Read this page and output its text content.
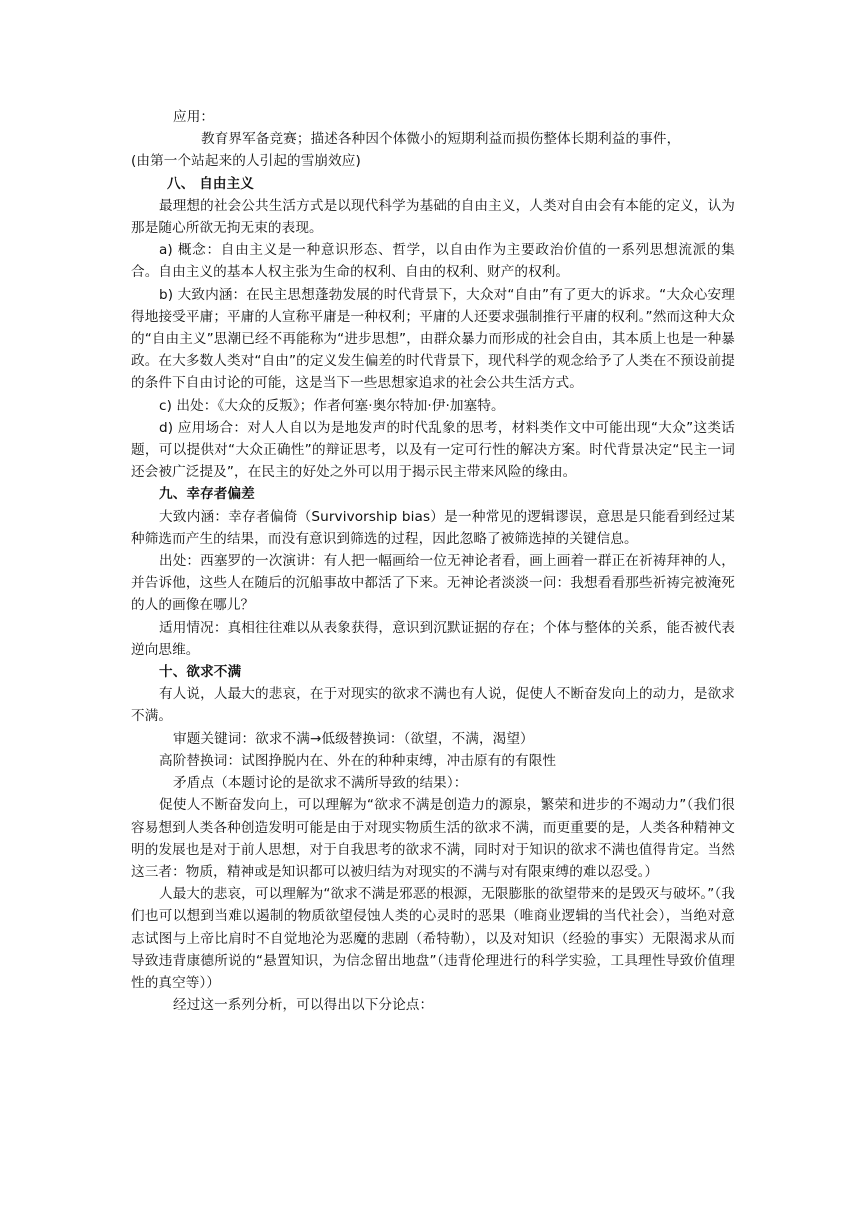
应用：

教育界军备竞赛；描述各种因个体微小的短期利益而损伤整体长期利益的事件，

(由第一个站起来的人引起的雪崩效应)

八、 自由主义

最理想的社会公共生活方式是以现代科学为基础的自由主义，人类对自由会有本能的定义，认为那是随心所欲无拘无束的表现。

a) 概念：自由主义是一种意识形态、哲学，以自由作为主要政治价值的一系列思想流派的集合。自由主义的基本人权主张为生命的权利、自由的权利、财产的权利。

b) 大致内涵：在民主思想蓬勃发展的时代背景下，大众对“自由”有了更大的诉求。“大众心安理得地接受平庸；平庸的人宣称平庸是一种权利；平庸的人还要求强制推行平庸的权利。”然而这种大众的“自由主义”思潮已经不再能称为“进步思想”，由群众暴力而形成的社会自由，其本质上也是一种暴政。在大多数人类对“自由”的定义发生偏差的时代背景下，现代科学的观念给予了人类在不预设前提的条件下自由讨论的可能，这是当下一些思想家追求的社会公共生活方式。

c) 出处：《大众的反叛》；作者何塞·奥尔特加·伊·加塞特。

d) 应用场合：对人人自以为是地发声的时代乱象的思考，材料类作文中可能出现“大众”这类话题，可以提供对“大众正确性”的辩证思考，以及有一定可行性的解决方案。时代背景决定“民主一词还会被广泛提及”，在民主的好处之外可以用于揭示民主带来风险的缘由。

九、幸存者偏差

大致内涵：幸存者偏倚（Survivorship bias）是一种常见的逻辑谬误，意思是只能看到经过某种筛选而产生的结果，而没有意识到筛选的过程，因此忽略了被筛选掉的关键信息。

出处：西塞罗的一次演讲：有人把一幅画给一位无神论者看，画上画着一群正在祈祷拜神的人，并告诉他，这些人在随后的沉船事故中都活了下来。无神论者淡淡一问：我想看看那些祈祷完被淹死的人的画像在哪儿？

适用情况：真相往往难以从表象获得，意识到沉默证据的存在；个体与整体的关系，能否被代表逆向思维。

十、欲求不满

有人说，人最大的悲哀，在于对现实的欲求不满也有人说，促使人不断奋发向上的动力，是欲求不满。

审题关键词：欲求不满→低级替换词：（欲望，不满，渴望）

高阶替换词：试图挣脱内在、外在的种种束缚，冲击原有的有限性

矛盾点（本题讨论的是欲求不满所导致的结果）：

促使人不断奋发向上，可以理解为“欲求不满是创造力的源泉，繁荣和进步的不竭动力”（我们很容易想到人类各种创造发明可能是由于对现实物质生活的欲求不满，而更重要的是，人类各种精神文明的发展也是对于前人思想，对于自我思考的欲求不满，同时对于知识的欲求不满也值得肯定。当然这三者：物质，精神或是知识都可以被归结为对现实的不满与对有限束缚的难以忍受。）

人最大的悲哀，可以理解为“欲求不满是邪恶的根源，无限膨胀的欲望带来的是毁灭与破坏。”（我们也可以想到当难以遏制的物质欲望侵蚀人类的心灵时的恶果（唯商业逻辑的当代社会），当绝对意志试图与上帝比肩时不自觉地沦为恶魔的悲剧（希特勒），以及对知识（经验的事实）无限渴求从而导致违背康德所说的“悬置知识，为信念留出地盘”（违背伦理进行的科学实验，工具理性导致价值理性的真空等））

经过这一系列分析，可以得出以下分论点：
